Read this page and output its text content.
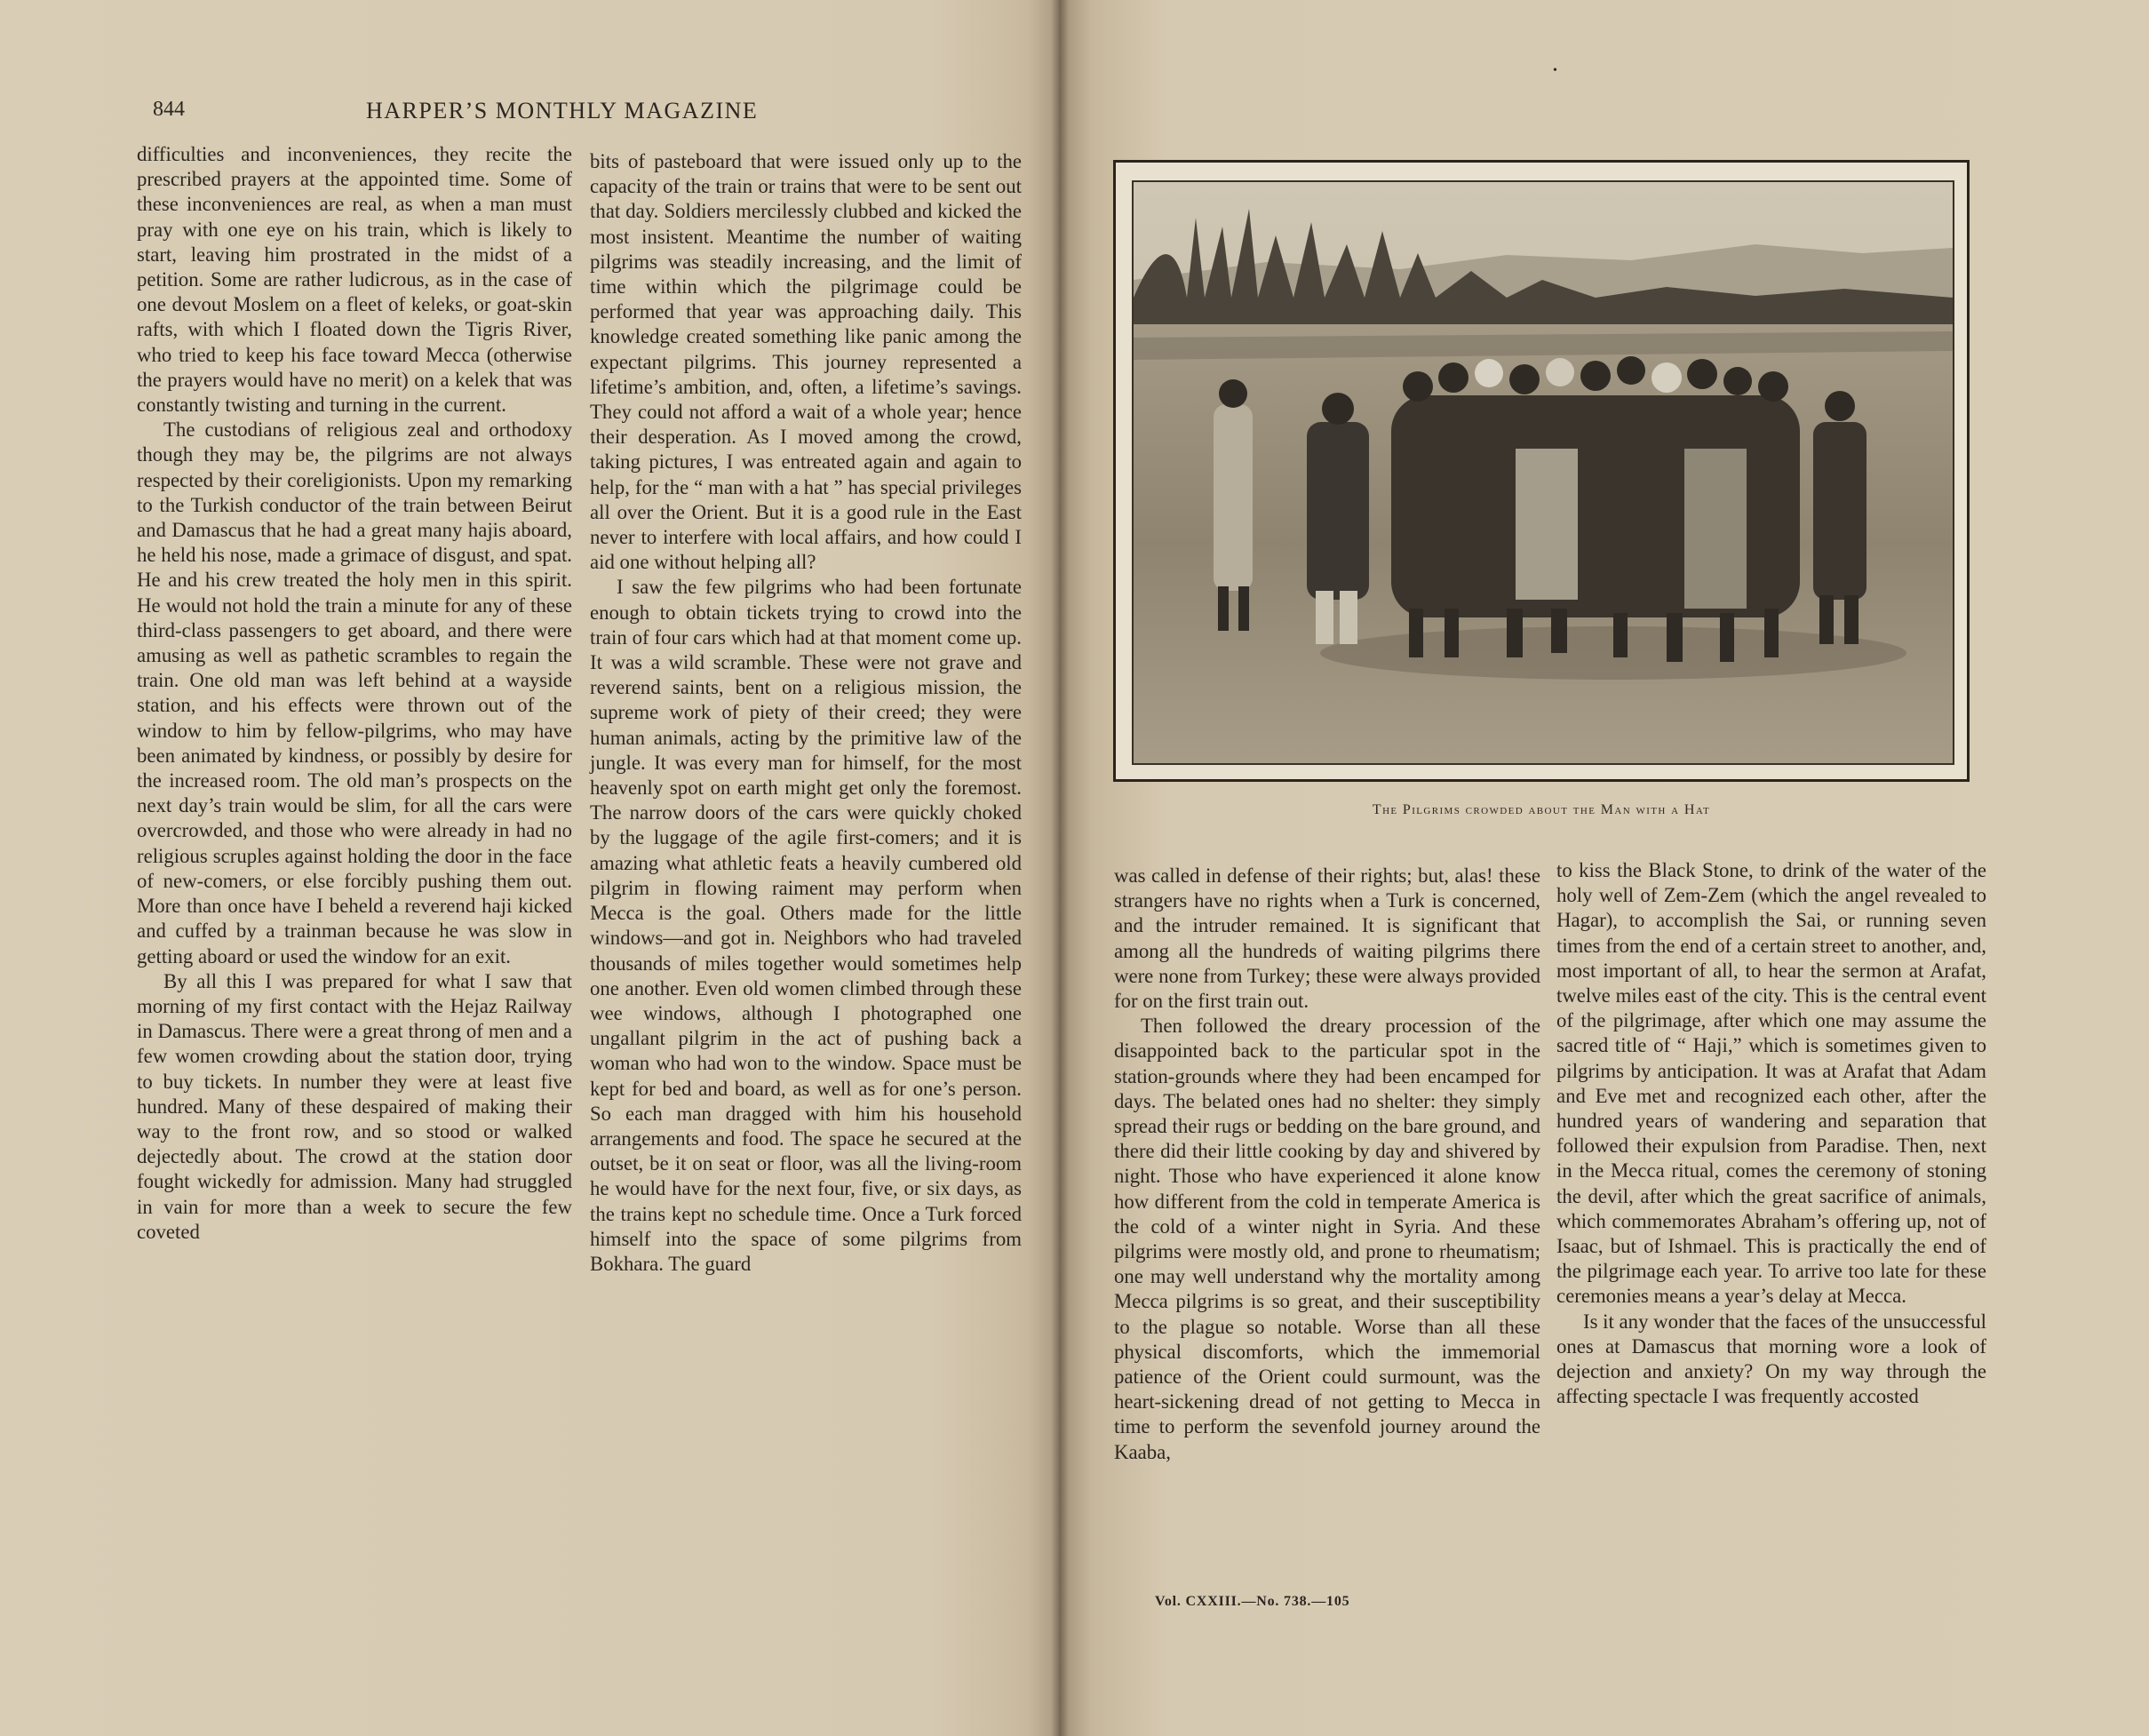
844	HARPER’S MONTHLY MAGAZINE

difficulties and inconveniences, they recite the prescribed prayers at the appointed time. Some of these inconveniences are real, as when a man must pray with one eye on his train, which is likely to start, leaving him prostrated in the midst of a petition. Some are rather ludicrous, as in the case of one devout Moslem on a fleet of keleks, or goat-skin rafts, with which I floated down the Tigris River, who tried to keep his face toward Mecca (otherwise the prayers would have no merit) on a kelek that was constantly twisting and turning in the current.

The custodians of religious zeal and orthodoxy though they may be, the pilgrims are not always respected by their coreligionists. Upon my remarking to the Turkish conductor of the train between Beirut and Damascus that he had a great many hajis aboard, he held his nose, made a grimace of disgust, and spat. He and his crew treated the holy men in this spirit. He would not hold the train a minute for any of these third-class passengers to get aboard, and there were amusing as well as pathetic scrambles to regain the train. One old man was left behind at a wayside station, and his effects were thrown out of the window to him by fellow-pilgrims, who may have been animated by kindness, or possibly by desire for the increased room. The old man’s prospects on the next day’s train would be slim, for all the cars were overcrowded, and those who were already in had no religious scruples against holding the door in the face of new-comers, or else forcibly pushing them out. More than once have I beheld a reverend haji kicked and cuffed by a trainman because he was slow in getting aboard or used the window for an exit.

By all this I was prepared for what I saw that morning of my first contact with the Hejaz Railway in Damascus. There were a great throng of men and a few women crowding about the station door, trying to buy tickets. In number they were at least five hundred. Many of these despaired of making their way to the front row, and so stood or walked dejectedly about. The crowd at the station door fought wickedly for admission. Many had struggled in vain for more than a week to secure the few coveted

bits of pasteboard that were issued only up to the capacity of the train or trains that were to be sent out that day. Soldiers mercilessly clubbed and kicked the most insistent. Meantime the number of waiting pilgrims was steadily increasing, and the limit of time within which the pilgrimage could be performed that year was approaching daily. This knowledge created something like panic among the expectant pilgrims. This journey represented a lifetime’s ambition, and, often, a lifetime’s savings. They could not afford a wait of a whole year; hence their desperation. As I moved among the crowd, taking pictures, I was entreated again and again to help, for the “ man with a hat ” has special privileges all over the Orient. But it is a good rule in the East never to interfere with local affairs, and how could I aid one without helping all?

I saw the few pilgrims who had been fortunate enough to obtain tickets trying to crowd into the train of four cars which had at that moment come up. It was a wild scramble. These were not grave and reverend saints, bent on a religious mission, the supreme work of piety of their creed; they were human animals, acting by the primitive law of the jungle. It was every man for himself, for the most heavenly spot on earth might get only the foremost. The narrow doors of the cars were quickly choked by the luggage of the agile first-comers; and it is amazing what athletic feats a heavily cumbered old pilgrim in flowing raiment may perform when Mecca is the goal. Others made for the little windows—and got in. Neighbors who had traveled thousands of miles together would sometimes help one another. Even old women climbed through these wee windows, although I photographed one ungallant pilgrim in the act of pushing back a woman who had won to the window. Space must be kept for bed and board, as well as for one’s person. So each man dragged with him his household arrangements and food. The space he secured at the outset, be it on seat or floor, was all the living-room he would have for the next four, five, or six days, as the trains kept no schedule time. Once a Turk forced himself into the space of some pilgrims from Bokhara. The guard

•
The Pilgrims crowded about the Man with a Hat

was called in defense of their rights; but, alas! these strangers have no rights when a Turk is concerned, and the intruder remained. It is significant that among all the hundreds of waiting pilgrims there were none from Turkey; these were always provided for on the first train out.

Then followed the dreary procession of the disappointed back to the particular spot in the station-grounds where they had been encamped for days. The belated ones had no shelter: they simply spread their rugs or bedding on the bare ground, and there did their little cooking by day and shivered by night. Those who have experienced it alone know how different from the cold in temperate America is the cold of a winter night in Syria. And these pilgrims were mostly old, and prone to rheumatism; one may well understand why the mortality among Mecca pilgrims is so great, and their susceptibility to the plague so notable. Worse than all these physical discomforts, which the immemorial patience of the Orient could surmount, was the heart-sickening dread of not getting to Mecca in time to perform the sevenfold journey around the Kaaba,

to kiss the Black Stone, to drink of the water of the holy well of Zem-Zem (which the angel revealed to Hagar), to accomplish the Sai, or running seven times from the end of a certain street to another, and, most important of all, to hear the sermon at Arafat, twelve miles east of the city. This is the central event of the pilgrimage, after which one may assume the sacred title of “ Haji,” which is sometimes given to pilgrims by anticipation. It was at Arafat that Adam and Eve met and recognized each other, after the hundred years of wandering and separation that followed their expulsion from Paradise. Then, next in the Mecca ritual, comes the ceremony of stoning the devil, after which the great sacrifice of animals, which commemorates Abraham’s offering up, not of Isaac, but of Ishmael. This is practically the end of the pilgrimage each year. To arrive too late for these ceremonies means a year’s delay at Mecca.

Is it any wonder that the faces of the unsuccessful ones at Damascus that morning wore a look of dejection and anxiety? On my way through the affecting spectacle I was frequently accosted

Vol. CXXIII.—No. 738.—105
